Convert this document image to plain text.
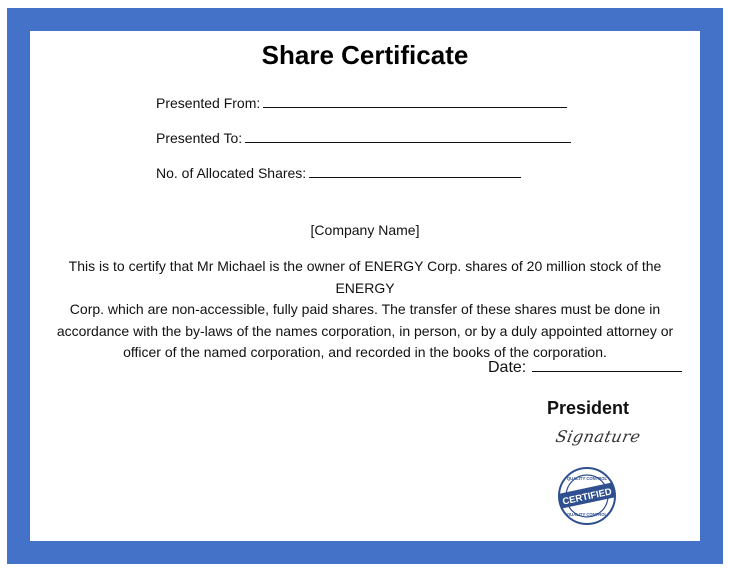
Share Certificate
Presented From:
Presented To:
No. of Allocated Shares:
[Company Name]
This is to certify that Mr Michael is the owner of ENERGY Corp. shares of 20 million stock of the ENERGY
Corp. which are non-accessible, fully paid shares. The transfer of these shares must be done in
accordance with the by-laws of the names corporation, in person, or by a duly appointed attorney or
officer of the named corporation, and recorded in the books of the corporation.
Date:
President
Signature
CERTIFIED
QUALITY CONTROL
QUALITY CONTROL
